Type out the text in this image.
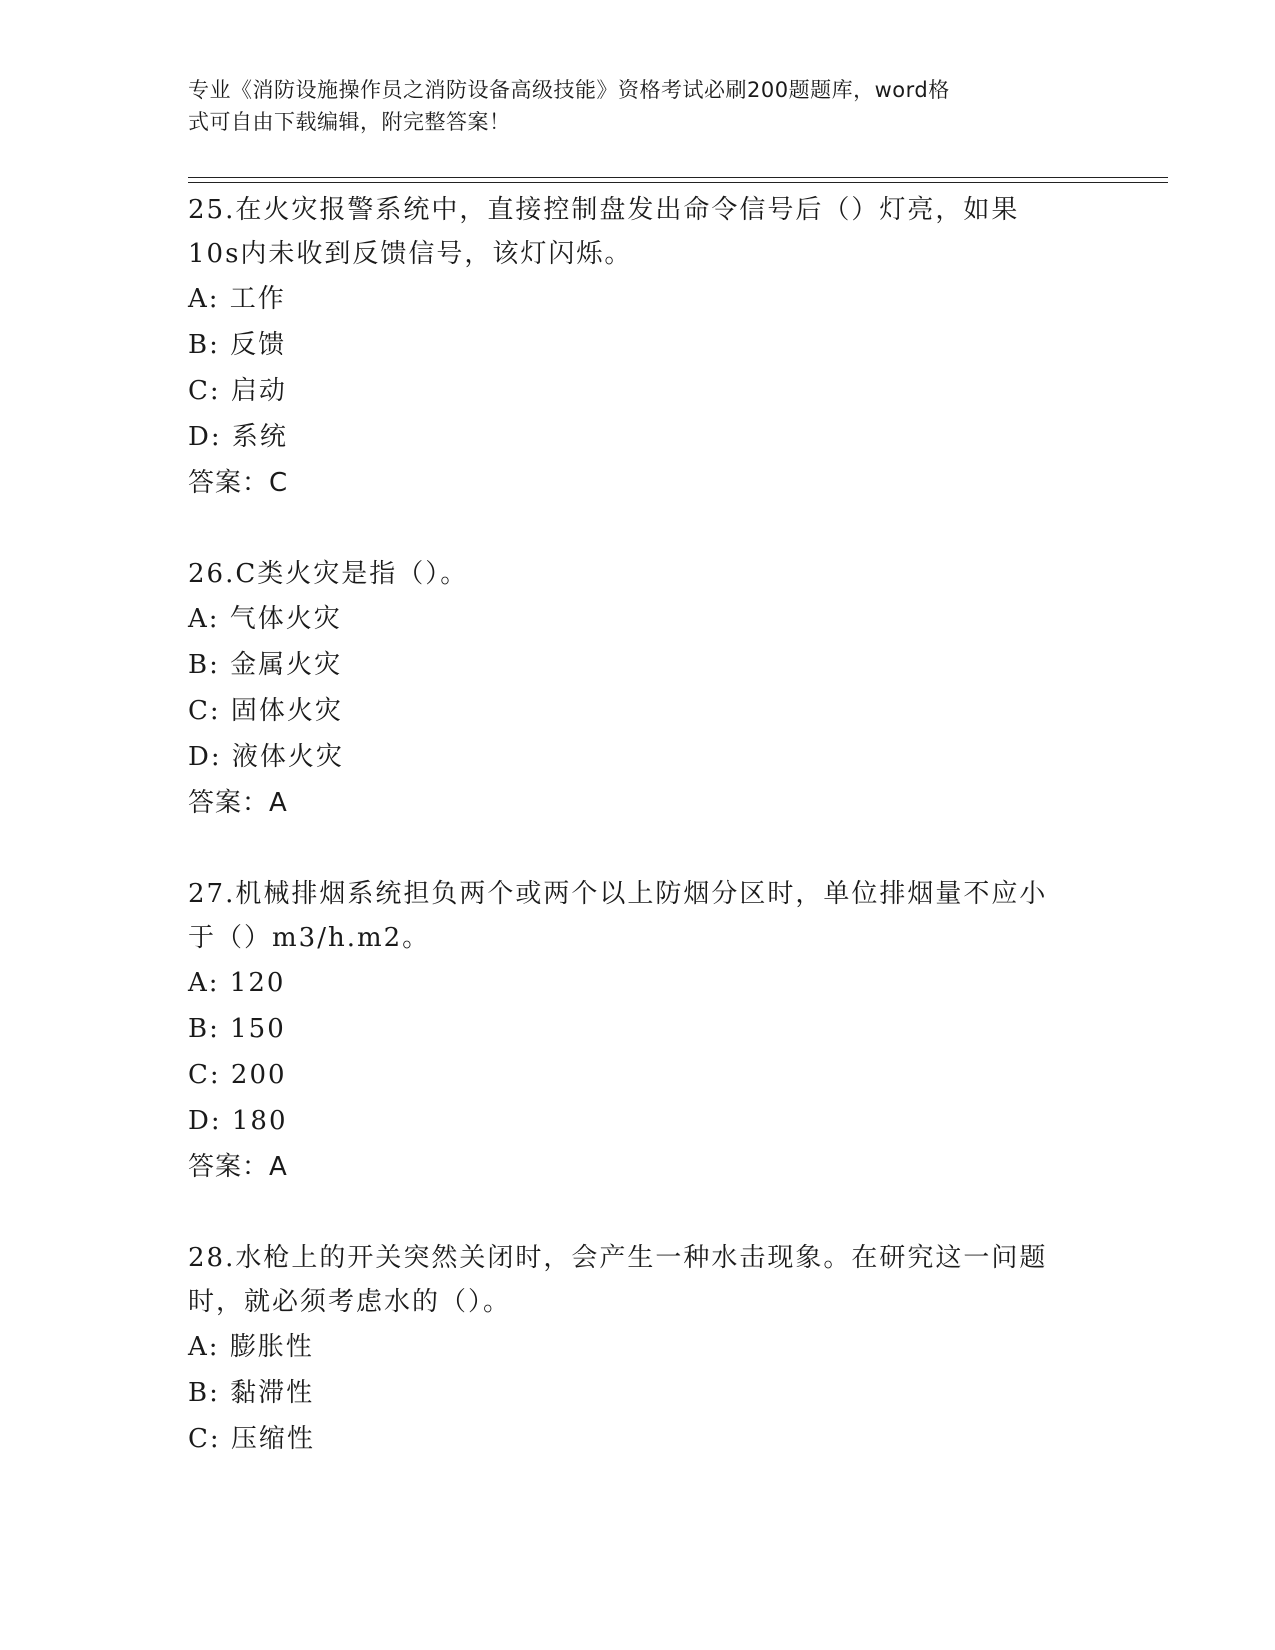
专业《消防设施操作员之消防设备高级技能》资格考试必刷200题题库，word格
式可自由下载编辑，附完整答案！

25.在火灾报警系统中，直接控制盘发出命令信号后（）灯亮，如果

10s内未收到反馈信号，该灯闪烁。

A: 工作

B: 反馈

C: 启动

D: 系统

答案：C

26.C类火灾是指（）。

A: 气体火灾

B: 金属火灾

C: 固体火灾

D: 液体火灾

答案：A

27.机械排烟系统担负两个或两个以上防烟分区时，单位排烟量不应小

于（）m3/h.m2。

A: 120

B: 150

C: 200

D: 180

答案：A

28.水枪上的开关突然关闭时，会产生一种水击现象。在研究这一问题

时，就必须考虑水的（）。

A: 膨胀性

B: 黏滞性

C: 压缩性
